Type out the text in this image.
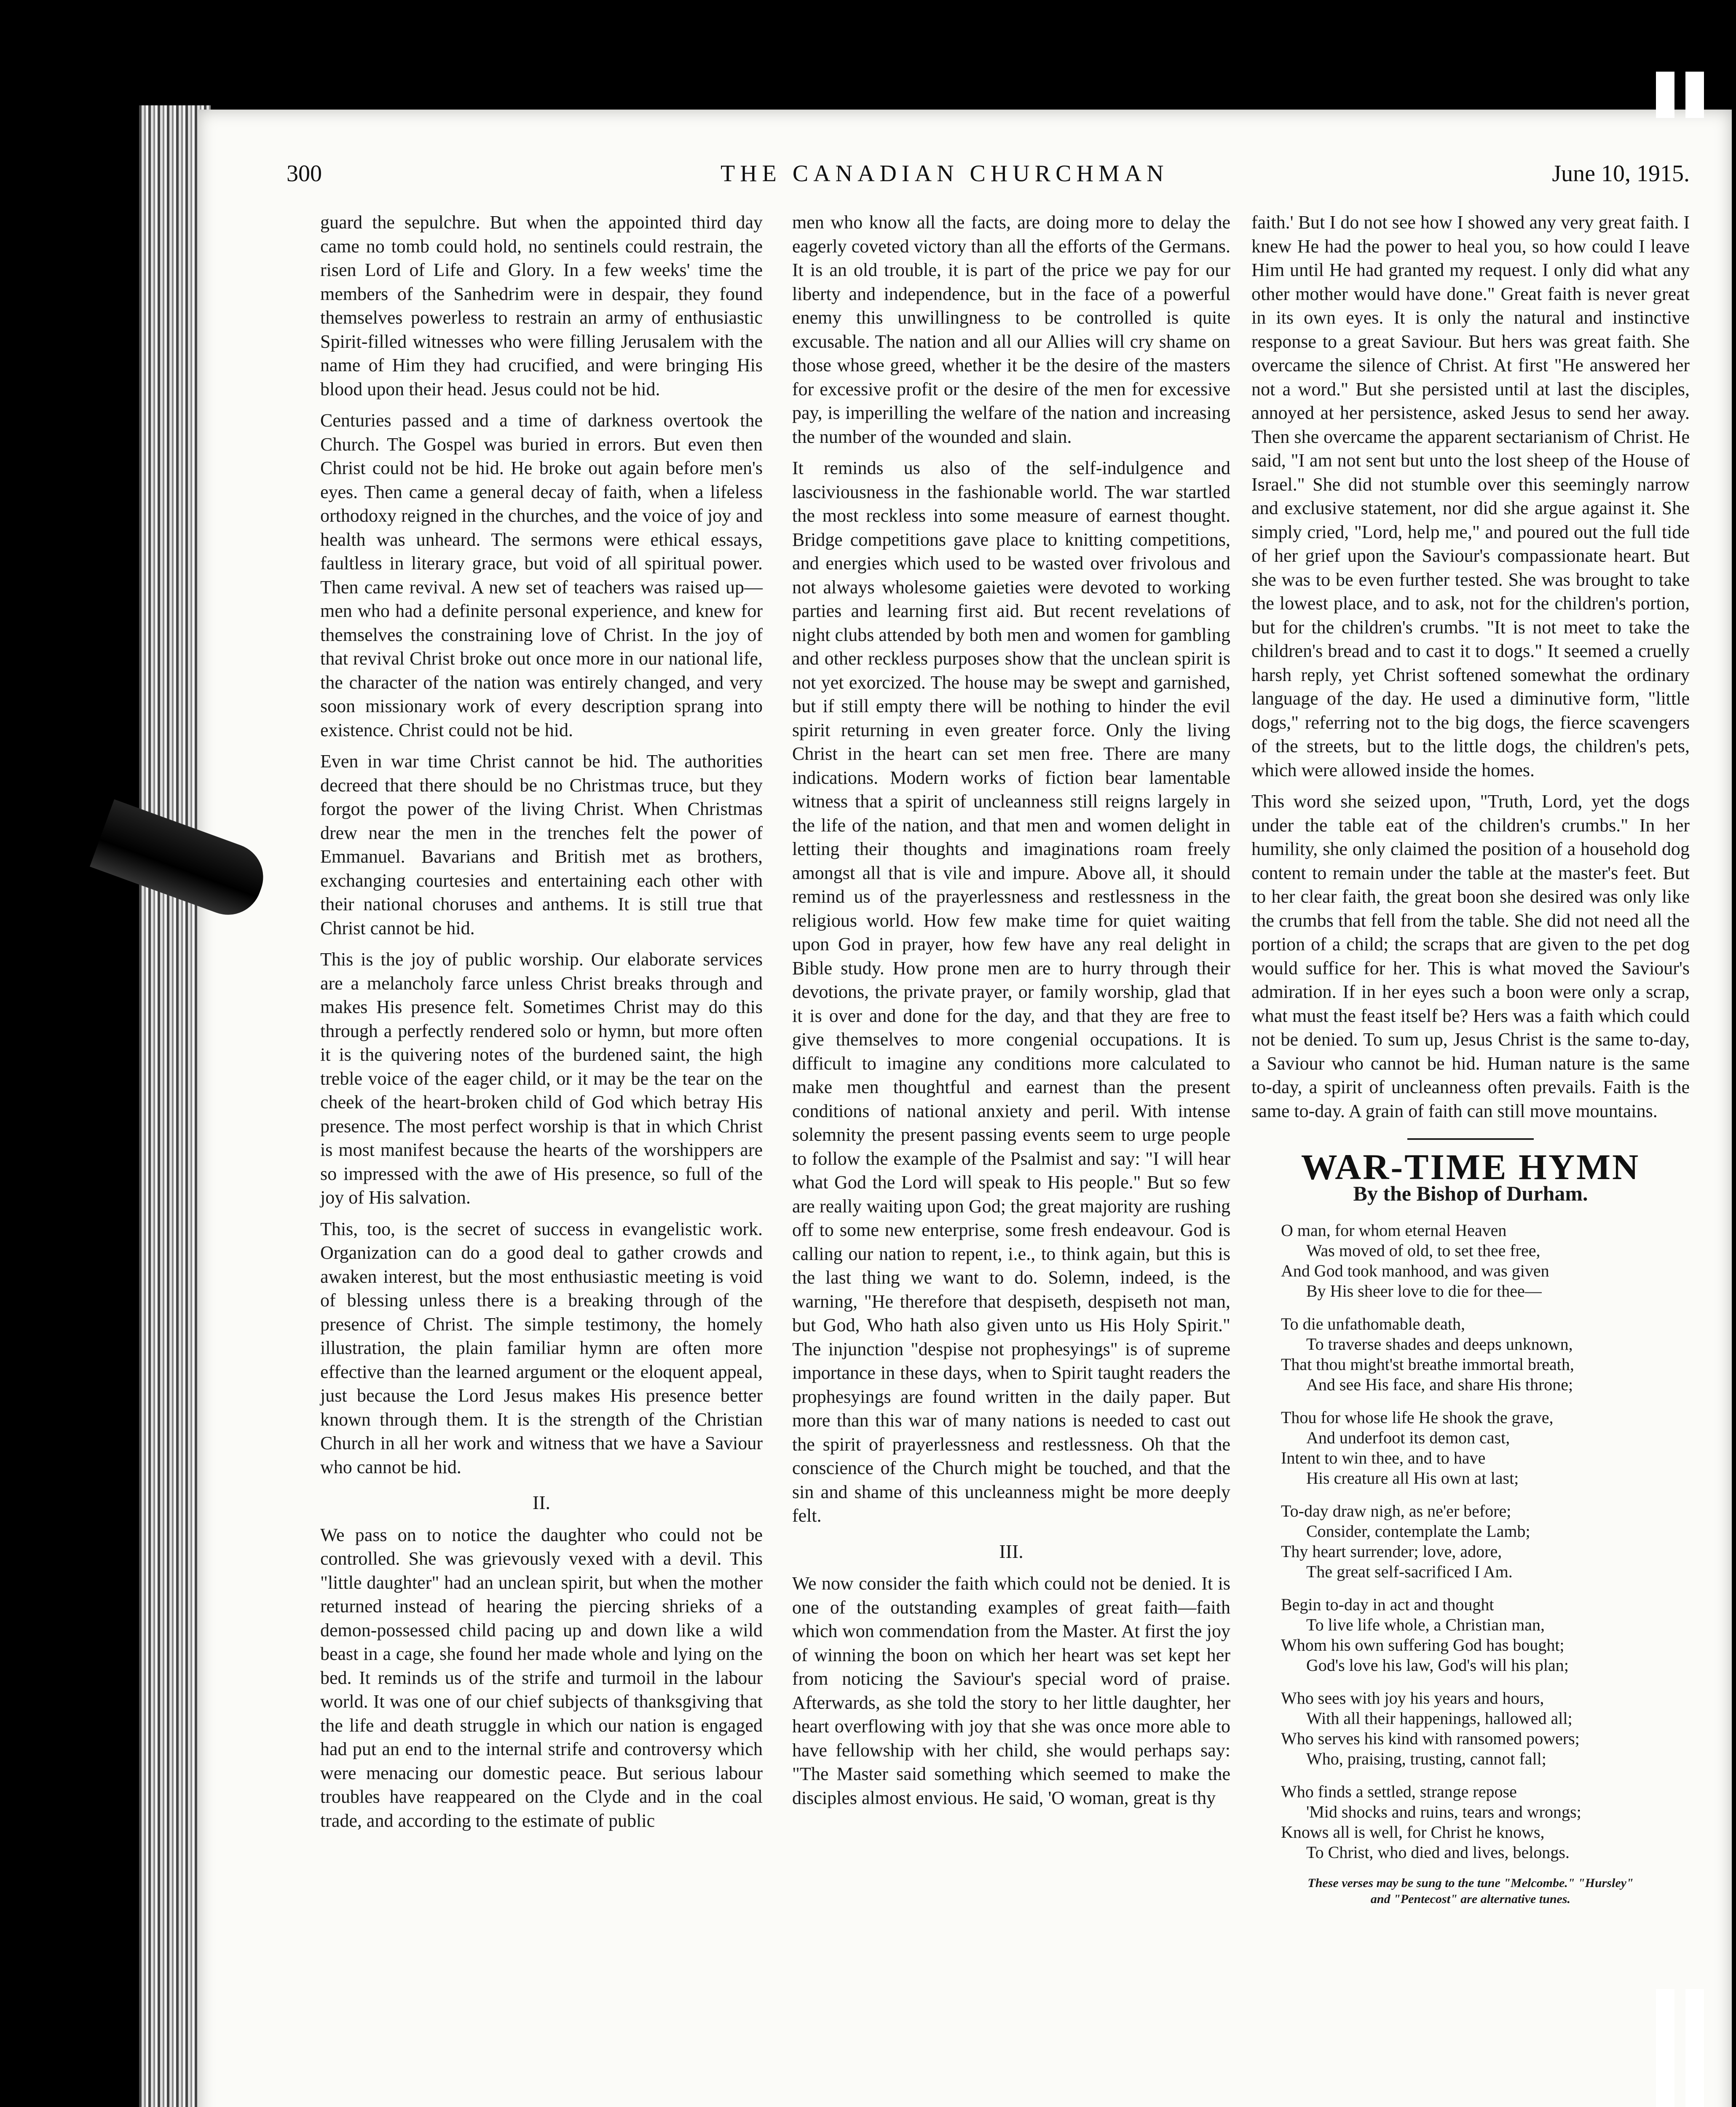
300	THE CANADIAN CHURCHMAN	June 10, 1915.

guard the sepulchre. But when the appointed third day came no tomb could hold, no sentinels could restrain, the risen Lord of Life and Glory. In a few weeks' time the members of the Sanhedrim were in despair, they found themselves powerless to restrain an army of enthusiastic Spirit-filled witnesses who were filling Jerusalem with the name of Him they had crucified, and were bringing His blood upon their head. Jesus could not be hid.

Centuries passed and a time of darkness overtook the Church. The Gospel was buried in errors. But even then Christ could not be hid. He broke out again before men's eyes. Then came a general decay of faith, when a lifeless orthodoxy reigned in the churches, and the voice of joy and health was unheard. The sermons were ethical essays, faultless in literary grace, but void of all spiritual power. Then came revival. A new set of teachers was raised up—men who had a definite personal experience, and knew for themselves the constraining love of Christ. In the joy of that revival Christ broke out once more in our national life, the character of the nation was entirely changed, and very soon missionary work of every description sprang into existence. Christ could not be hid.

Even in war time Christ cannot be hid. The authorities decreed that there should be no Christmas truce, but they forgot the power of the living Christ. When Christmas drew near the men in the trenches felt the power of Emmanuel. Bavarians and British met as brothers, exchanging courtesies and entertaining each other with their national choruses and anthems. It is still true that Christ cannot be hid.

This is the joy of public worship. Our elaborate services are a melancholy farce unless Christ breaks through and makes His presence felt. Sometimes Christ may do this through a perfectly rendered solo or hymn, but more often it is the quivering notes of the burdened saint, the high treble voice of the eager child, or it may be the tear on the cheek of the heart-broken child of God which betray His presence. The most perfect worship is that in which Christ is most manifest because the hearts of the worshippers are so impressed with the awe of His presence, so full of the joy of His salvation.

This, too, is the secret of success in evangelistic work. Organization can do a good deal to gather crowds and awaken interest, but the most enthusiastic meeting is void of blessing unless there is a breaking through of the presence of Christ. The simple testimony, the homely illustration, the plain familiar hymn are often more effective than the learned argument or the eloquent appeal, just because the Lord Jesus makes His presence better known through them. It is the strength of the Christian Church in all her work and witness that we have a Saviour who cannot be hid.

II.

We pass on to notice the daughter who could not be controlled. She was grievously vexed with a devil. This "little daughter" had an unclean spirit, but when the mother returned instead of hearing the piercing shrieks of a demon-possessed child pacing up and down like a wild beast in a cage, she found her made whole and lying on the bed. It reminds us of the strife and turmoil in the labour world. It was one of our chief subjects of thanksgiving that the life and death struggle in which our nation is engaged had put an end to the internal strife and controversy which were menacing our domestic peace. But serious labour troubles have reappeared on the Clyde and in the coal trade, and according to the estimate of public

men who know all the facts, are doing more to delay the eagerly coveted victory than all the efforts of the Germans. It is an old trouble, it is part of the price we pay for our liberty and independence, but in the face of a powerful enemy this unwillingness to be controlled is quite excusable. The nation and all our Allies will cry shame on those whose greed, whether it be the desire of the masters for excessive profit or the desire of the men for excessive pay, is imperilling the welfare of the nation and increasing the number of the wounded and slain.

It reminds us also of the self-indulgence and lasciviousness in the fashionable world. The war startled the most reckless into some measure of earnest thought. Bridge competitions gave place to knitting competitions, and energies which used to be wasted over frivolous and not always wholesome gaieties were devoted to working parties and learning first aid. But recent revelations of night clubs attended by both men and women for gambling and other reckless purposes show that the unclean spirit is not yet exorcized. The house may be swept and garnished, but if still empty there will be nothing to hinder the evil spirit returning in even greater force. Only the living Christ in the heart can set men free. There are many indications. Modern works of fiction bear lamentable witness that a spirit of uncleanness still reigns largely in the life of the nation, and that men and women delight in letting their thoughts and imaginations roam freely amongst all that is vile and impure. Above all, it should remind us of the prayerlessness and restlessness in the religious world. How few make time for quiet waiting upon God in prayer, how few have any real delight in Bible study. How prone men are to hurry through their devotions, the private prayer, or family worship, glad that it is over and done for the day, and that they are free to give themselves to more congenial occupations. It is difficult to imagine any conditions more calculated to make men thoughtful and earnest than the present conditions of national anxiety and peril. With intense solemnity the present passing events seem to urge people to follow the example of the Psalmist and say: "I will hear what God the Lord will speak to His people." But so few are really waiting upon God; the great majority are rushing off to some new enterprise, some fresh endeavour. God is calling our nation to repent, i.e., to think again, but this is the last thing we want to do. Solemn, indeed, is the warning, "He therefore that despiseth, despiseth not man, but God, Who hath also given unto us His Holy Spirit." The injunction "despise not prophesyings" is of supreme importance in these days, when to Spirit taught readers the prophesyings are found written in the daily paper. But more than this war of many nations is needed to cast out the spirit of prayerlessness and restlessness. Oh that the conscience of the Church might be touched, and that the sin and shame of this uncleanness might be more deeply felt.

III.

We now consider the faith which could not be denied. It is one of the outstanding examples of great faith—faith which won commendation from the Master. At first the joy of winning the boon on which her heart was set kept her from noticing the Saviour's special word of praise. Afterwards, as she told the story to her little daughter, her heart overflowing with joy that she was once more able to have fellowship with her child, she would perhaps say: "The Master said something which seemed to make the disciples almost envious. He said, 'O woman, great is thy

faith.' But I do not see how I showed any very great faith. I knew He had the power to heal you, so how could I leave Him until He had granted my request. I only did what any other mother would have done." Great faith is never great in its own eyes. It is only the natural and instinctive response to a great Saviour. But hers was great faith. She overcame the silence of Christ. At first "He answered her not a word." But she persisted until at last the disciples, annoyed at her persistence, asked Jesus to send her away. Then she overcame the apparent sectarianism of Christ. He said, "I am not sent but unto the lost sheep of the House of Israel." She did not stumble over this seemingly narrow and exclusive statement, nor did she argue against it. She simply cried, "Lord, help me," and poured out the full tide of her grief upon the Saviour's compassionate heart. But she was to be even further tested. She was brought to take the lowest place, and to ask, not for the children's portion, but for the children's crumbs. "It is not meet to take the children's bread and to cast it to dogs." It seemed a cruelly harsh reply, yet Christ softened somewhat the ordinary language of the day. He used a diminutive form, "little dogs," referring not to the big dogs, the fierce scavengers of the streets, but to the little dogs, the children's pets, which were allowed inside the homes.

This word she seized upon, "Truth, Lord, yet the dogs under the table eat of the children's crumbs." In her humility, she only claimed the position of a household dog content to remain under the table at the master's feet. But to her clear faith, the great boon she desired was only like the crumbs that fell from the table. She did not need all the portion of a child; the scraps that are given to the pet dog would suffice for her. This is what moved the Saviour's admiration. If in her eyes such a boon were only a scrap, what must the feast itself be? Hers was a faith which could not be denied. To sum up, Jesus Christ is the same to-day, a Saviour who cannot be hid. Human nature is the same to-day, a spirit of uncleanness often prevails. Faith is the same to-day. A grain of faith can still move mountains.

WAR-TIME HYMN
By the Bishop of Durham.
O man, for whom eternal Heaven
Was moved of old, to set thee free,
And God took manhood, and was given
By His sheer love to die for thee—
To die unfathomable death,
To traverse shades and deeps unknown,
That thou might'st breathe immortal breath,
And see His face, and share His throne;
Thou for whose life He shook the grave,
And underfoot its demon cast,
Intent to win thee, and to have
His creature all His own at last;
To-day draw nigh, as ne'er before;
Consider, contemplate the Lamb;
Thy heart surrender; love, adore,
The great self-sacrificed I Am.
Begin to-day in act and thought
To live life whole, a Christian man,
Whom his own suffering God has bought;
God's love his law, God's will his plan;
Who sees with joy his years and hours,
With all their happenings, hallowed all;
Who serves his kind with ransomed powers;
Who, praising, trusting, cannot fall;
Who finds a settled, strange repose
'Mid shocks and ruins, tears and wrongs;
Knows all is well, for Christ he knows,
To Christ, who died and lives, belongs.
These verses may be sung to the tune "Melcombe." "Hursley"
and "Pentecost" are alternative tunes.
